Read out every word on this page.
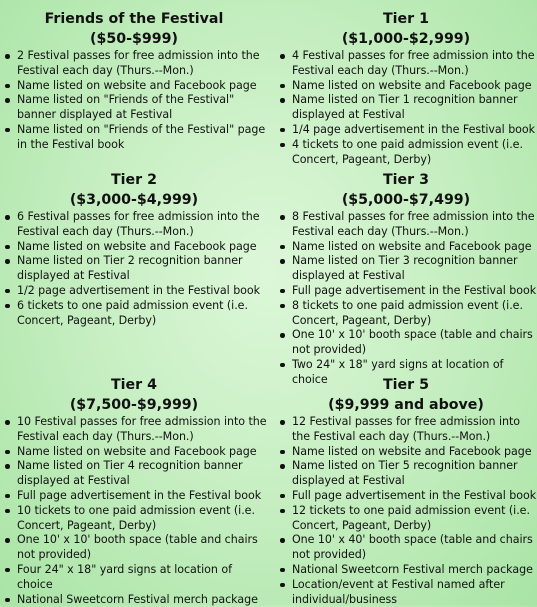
Friends of the Festival
($50-$999)
2 Festival passes for free admission into the Festival each day (Thurs.--Mon.)
Name listed on website and Facebook page
Name listed on "Friends of the Festival" banner displayed at Festival
Name listed on "Friends of the Festival" page in the Festival book
Tier 1
($1,000-$2,999)
4 Festival passes for free admission into the Festival each day (Thurs.--Mon.)
Name listed on website and Facebook page
Name listed on Tier 1 recognition banner displayed at Festival
1/4 page advertisement in the Festival book
4 tickets to one paid admission event (i.e. Concert, Pageant, Derby)
Tier 2
($3,000-$4,999)
6 Festival passes for free admission into the Festival each day (Thurs.--Mon.)
Name listed on website and Facebook page
Name listed on Tier 2 recognition banner displayed at Festival
1/2 page advertisement in the Festival book
6 tickets to one paid admission event (i.e. Concert, Pageant, Derby)
Tier 3
($5,000-$7,499)
8 Festival passes for free admission into the Festival each day (Thurs.--Mon.)
Name listed on website and Facebook page
Name listed on Tier 3 recognition banner displayed at Festival
Full page advertisement in the Festival book
8 tickets to one paid admission event (i.e. Concert, Pageant, Derby)
One 10' x 10' booth space (table and chairs not provided)
Two 24" x 18" yard signs at location of choice
Tier 4
($7,500-$9,999)
10 Festival passes for free admission into the Festival each day (Thurs.--Mon.)
Name listed on website and Facebook page
Name listed on Tier 4 recognition banner displayed at Festival
Full page advertisement in the Festival book
10 tickets to one paid admission event (i.e. Concert, Pageant, Derby)
One 10' x 10' booth space (table and chairs not provided)
Four 24" x 18" yard signs at location of choice
National Sweetcorn Festival merch package
Tier 5
($9,999 and above)
12 Festival passes for free admission into the Festival each day (Thurs.--Mon.)
Name listed on website and Facebook page
Name listed on Tier 5 recognition banner displayed at Festival
Full page advertisement in the Festival book
12 tickets to one paid admission event (i.e. Concert, Pageant, Derby)
One 10' x 40' booth space (table and chairs not provided)
National Sweetcorn Festival merch package
Location/event at Festival named after individual/business
